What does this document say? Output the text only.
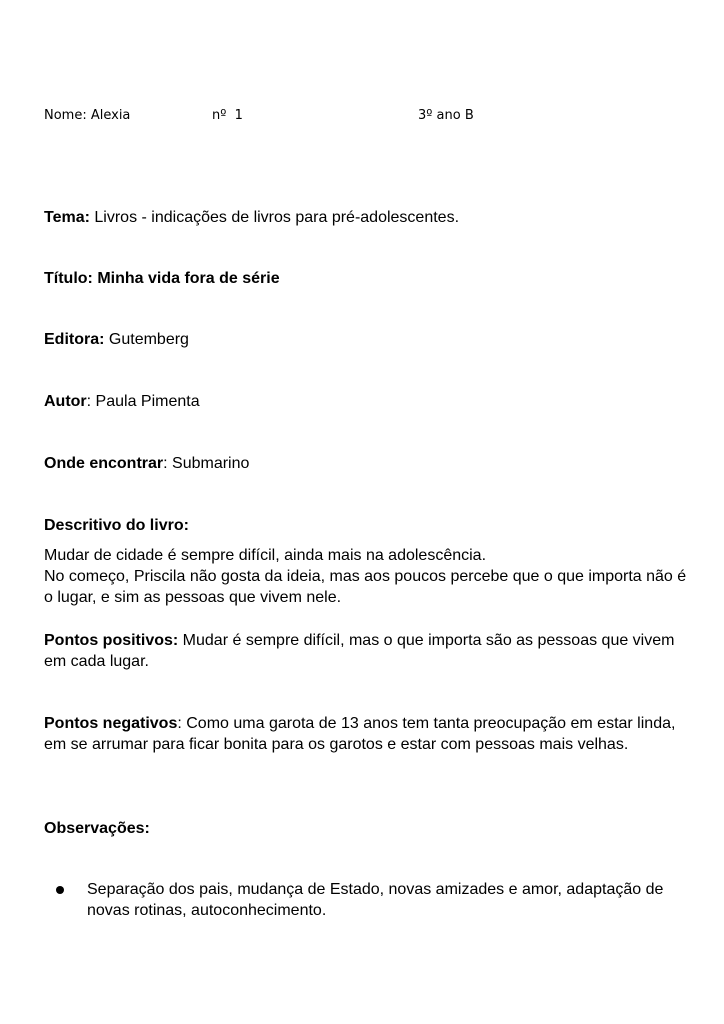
Nome: Alexia	nº  1	3º ano B
Tema: Livros - indicações de livros para pré-adolescentes.
Título: Minha vida fora de série
Editora: Gutemberg
Autor: Paula Pimenta
Onde encontrar: Submarino
Descritivo do livro:
Mudar de cidade é sempre difícil, ainda mais na adolescência.
No começo, Priscila não gosta da ideia, mas aos poucos percebe que o que importa não é o lugar, e sim as pessoas que vivem nele.
Pontos positivos: Mudar é sempre difícil, mas o que importa são as pessoas que vivem em cada lugar.
Pontos negativos: Como uma garota de 13 anos tem tanta preocupação em estar linda, em se arrumar para ficar bonita para os garotos e estar com pessoas mais velhas.
Observações:
Separação dos pais, mudança de Estado, novas amizades e amor, adaptação de novas rotinas, autoconhecimento.
